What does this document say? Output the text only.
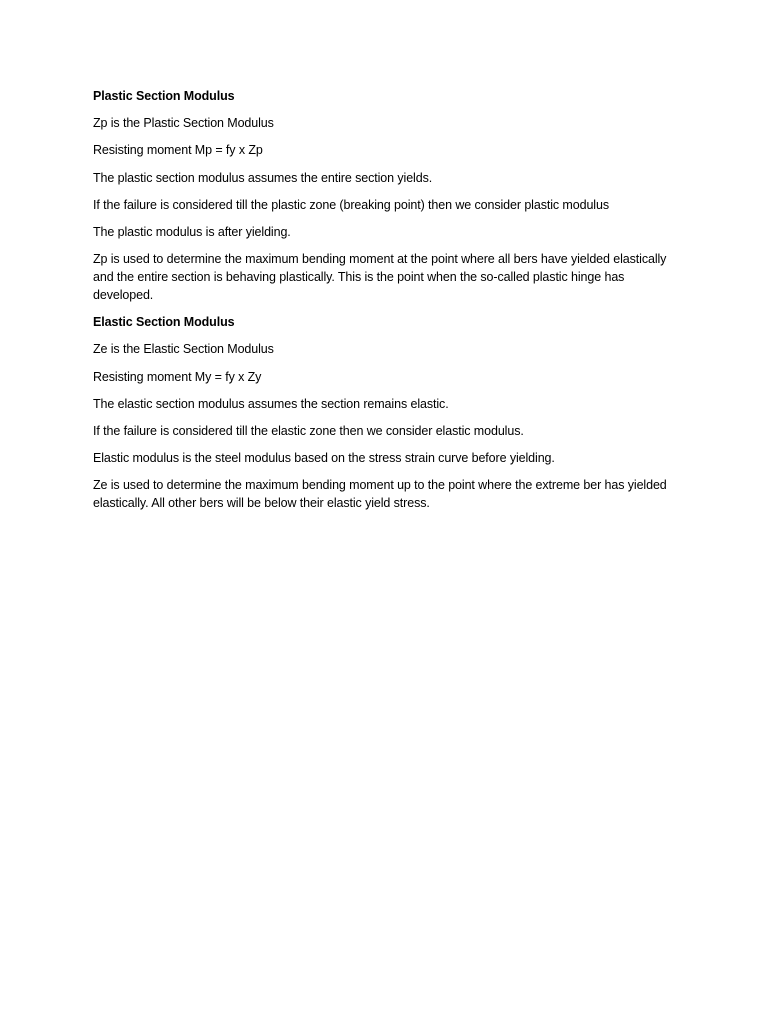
Plastic Section Modulus

Zp is the Plastic Section Modulus

Resisting moment Mp = fy x Zp

The plastic section modulus assumes the entire section yields.

If the failure is considered till the plastic zone (breaking point) then we consider plastic modulus

The plastic modulus is after yielding.

Zp is used to determine the maximum bending moment at the point where all bers have yielded elastically and the entire section is behaving plastically. This is the point when the so-called plastic hinge has developed.

Elastic Section Modulus

Ze is the Elastic Section Modulus

Resisting moment My = fy x Zy

The elastic section modulus assumes the section remains elastic.

If the failure is considered till the elastic zone then we consider elastic modulus.

Elastic modulus is the steel modulus based on the stress strain curve before yielding.

Ze is used to determine the maximum bending moment up to the point where the extreme ber has yielded elastically. All other bers will be below their elastic yield stress.
